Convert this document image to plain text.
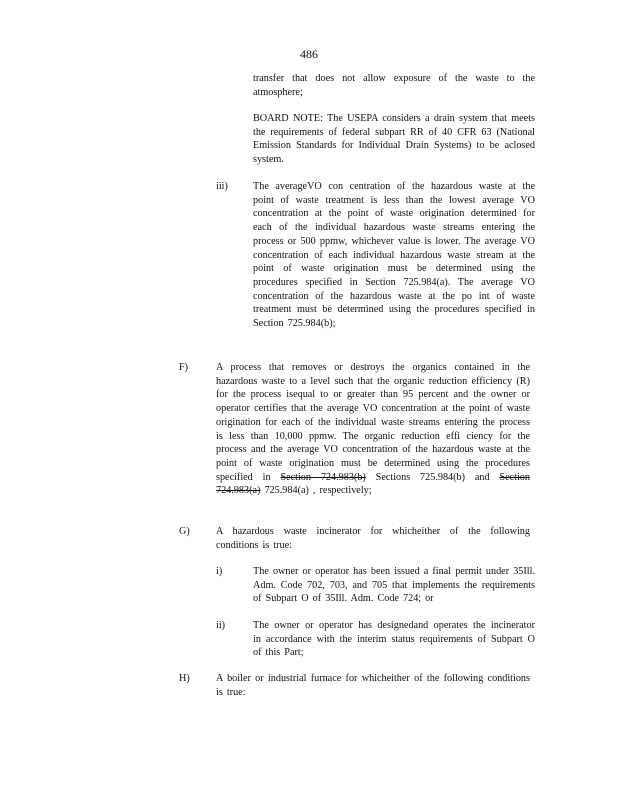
486
transfer that does not allow exposure of the waste to the atmosphere;
BOARD NOTE: The USEPA considers a drain system that meets the requirements of federal subpart RR of 40 CFR 63 (National Emission Standards for Individual Drain Systems) to be aclosed system.
iii) The averageVO con centration of the hazardous waste at the point of waste treatment is less than the lowest average VO concentration at the point of waste origination determined for each of the individual hazardous waste streams entering the process or 500 ppmw, whichever value is lower. The average VO concentration of each individual hazardous waste stream at the point of waste origination must be determined using the procedures specified in Section 725.984(a). The average VO concentration of the hazardous waste at the po int of waste treatment must be determined using the procedures specified in Section 725.984(b);
F)	A process that removes or destroys the organics contained in the hazardous waste to a level such that the organic reduction efficiency (R) for the process isequal to or greater than 95 percent and the owner or operator certifies that the average VO concentration at the point of waste origination for each of the individual waste streams entering the process is less than 10,000 ppmw. The organic reduction effi ciency for the process and the average VO concentration of the hazardous waste at the point of waste origination must be determined using the procedures specified in Section 724.983(b) Sections 725.984(b) and Section 724.983(a) 725.984(a) , respectively;
G)	A hazardous waste incinerator for whicheither of the following conditions is true:
i)	The owner or operator has been issued a final permit under 35Ill. Adm. Code 702, 703, and 705 that implements the requirements of Subpart O of 35Ill. Adm. Code 724; or
ii)	The owner or operator has designedand operates the incinerator in accordance with the interim status requirements of Subpart O of this Part;
H)	A boiler or industrial furnace for whicheither of the following conditions is true:
